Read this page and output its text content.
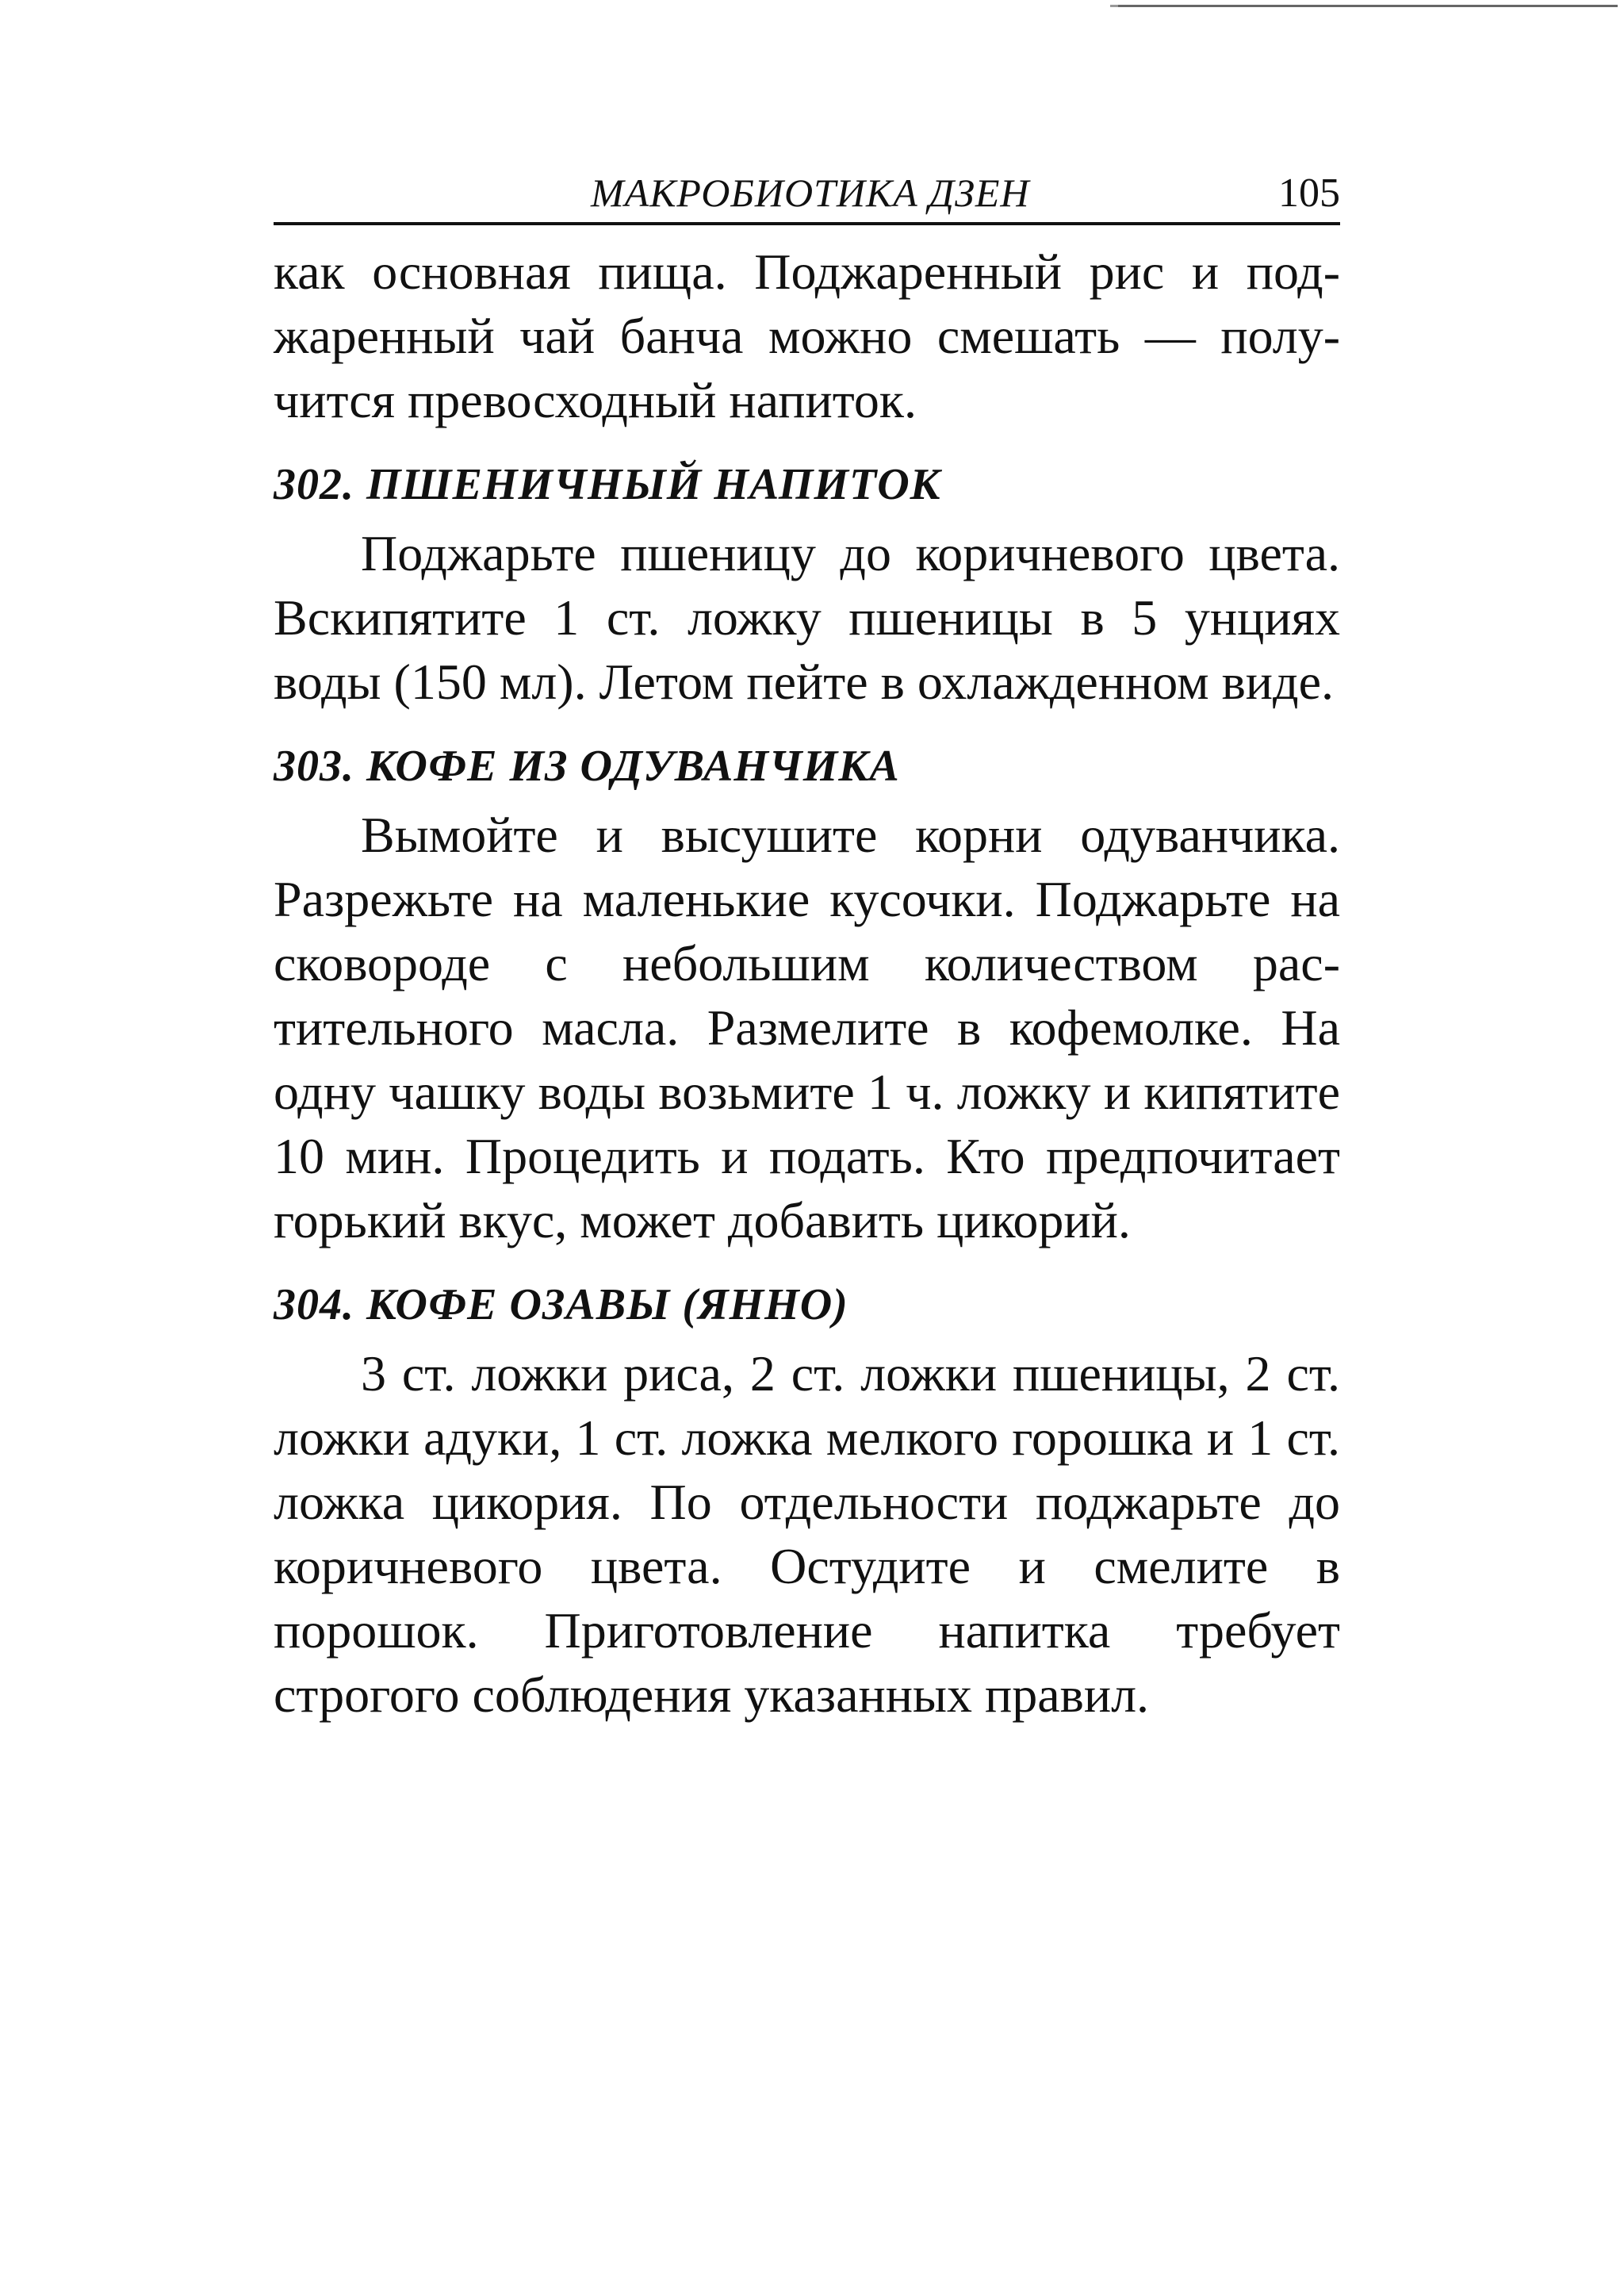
МАКРОБИОТИКА ДЗЕН	105

как основная пища. Поджаренный рис и поджаренный чай банча можно смешать — получится превосходный напиток.

302. ПШЕНИЧНЫЙ НАПИТОК

Поджарьте пшеницу до коричневого цвета. Вскипятите 1 ст. ложку пшеницы в 5 унциях воды (150 мл). Летом пейте в охлажденном виде.

303. КОФЕ ИЗ ОДУВАНЧИКА

Вымойте и высушите корни одуванчика. Разрежьте на маленькие кусочки. Поджарьте на сковороде с небольшим количеством растительного масла. Размелите в кофемолке. На одну чашку воды возьмите 1 ч. ложку и кипятите 10 мин. Процедить и подать. Кто предпочитает горький вкус, может добавить цикорий.

304. КОФЕ ОЗАВЫ (ЯННО)

3 ст. ложки риса, 2 ст. ложки пшеницы, 2 ст. ложки адуки, 1 ст. ложка мелкого горошка и 1 ст. ложка цикория. По отдельности поджарьте до коричневого цвета. Остудите и смелите в порошок. Приготовление напитка требует строгого соблюдения указанных правил.
